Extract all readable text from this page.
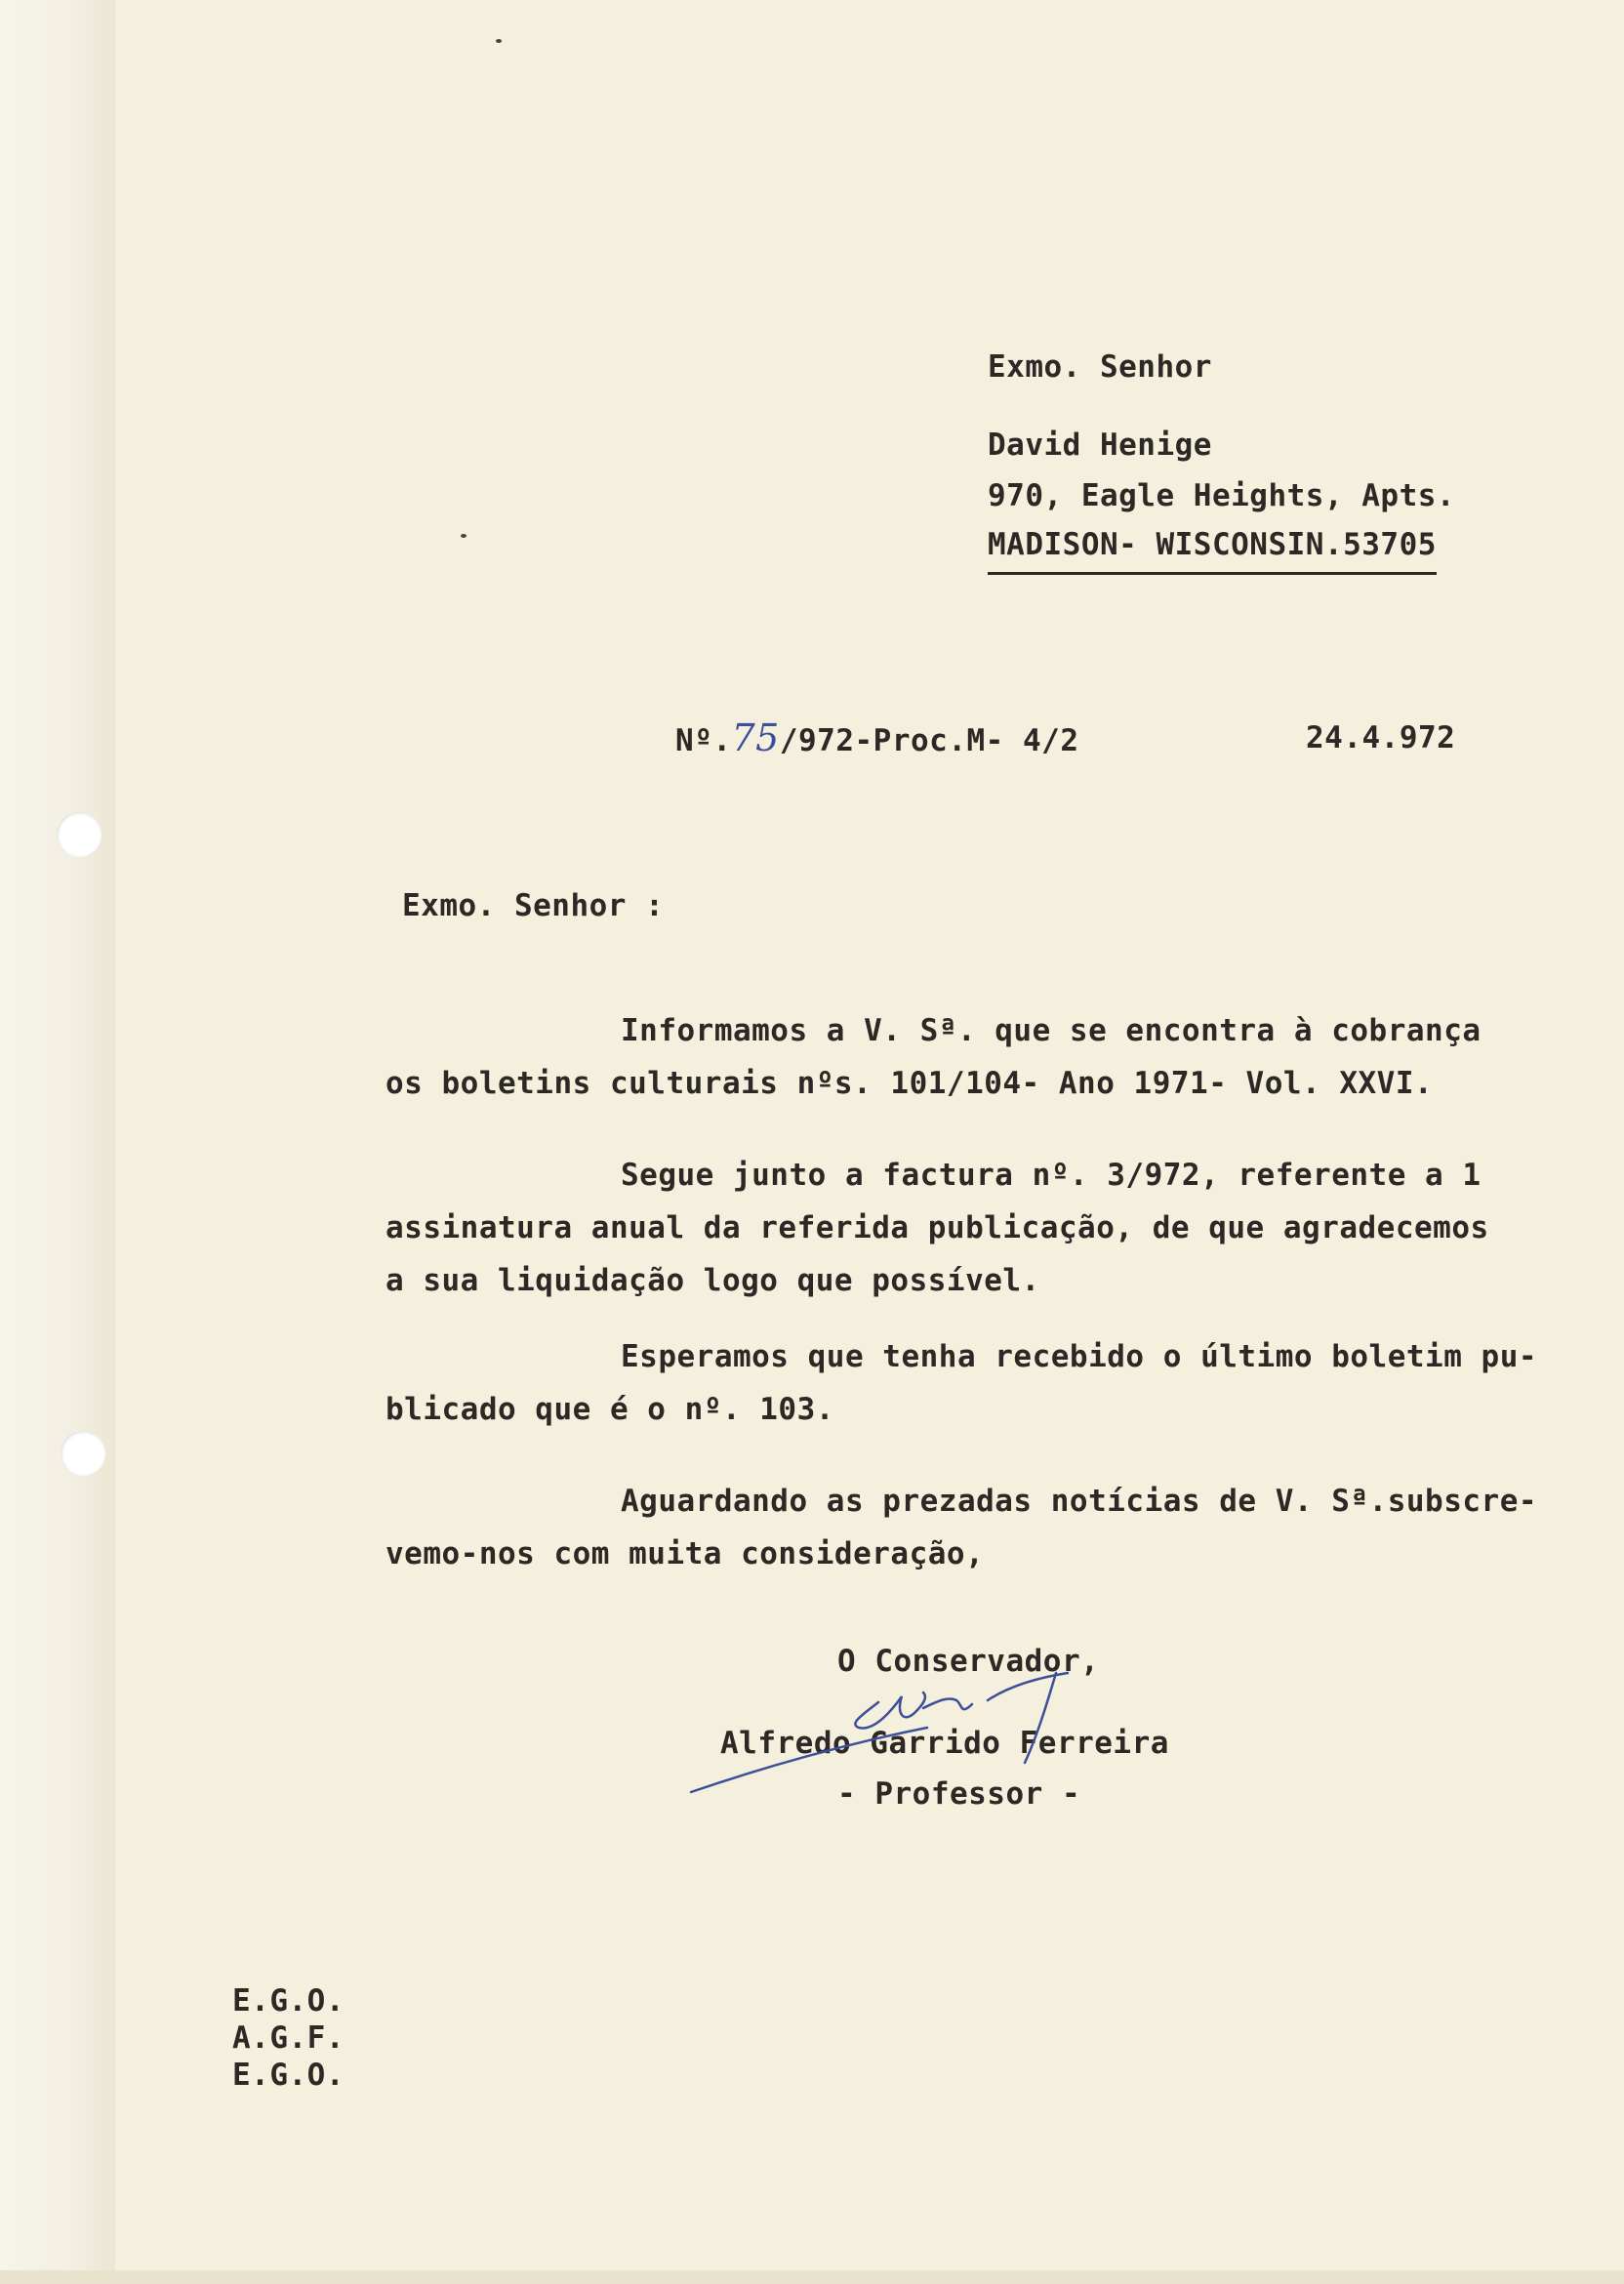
Exmo. Senhor
David Henige
970, Eagle Heights, Apts.
MADISON- WISCONSIN.53705
Nº.75/972-Proc.M- 4/2	24.4.972
Exmo. Senhor :
Informamos a V. Sª. que se encontra à cobrança
os boletins culturais nºs. 101/104- Ano 1971- Vol. XXVI.
Segue junto a factura nº. 3/972, referente a 1
assinatura anual da referida publicação, de que agradecemos
a sua liquidação logo que possível.
Esperamos que tenha recebido o último boletim pu-
blicado que é o nº. 103.
Aguardando as prezadas notícias de V. Sª.subscre-
vemo-nos com muita consideração,
O Conservador,
Alfredo Garrido Ferreira
- Professor -
E.G.O.
A.G.F.
E.G.O.
